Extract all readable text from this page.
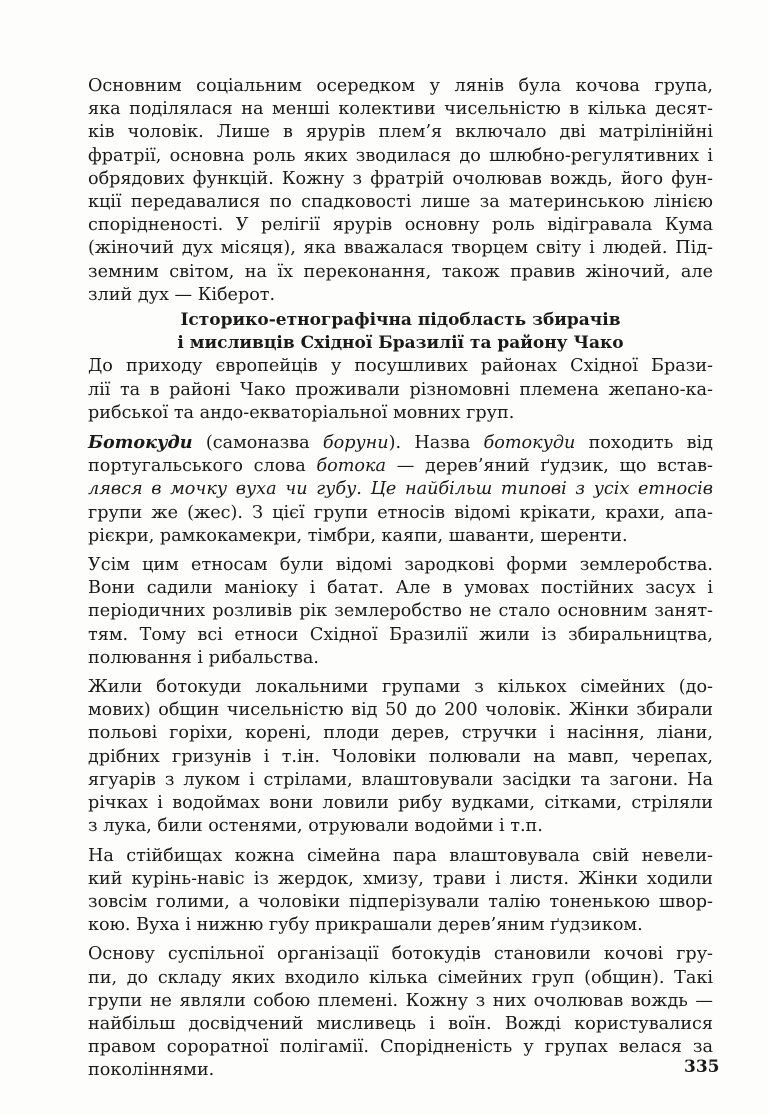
Основним соціальним осередком у лянів була кочова група,
яка поділялася на менші колективи чисельністю в кілька десят-
ків чоловік. Лише в ярурів плем’я включало дві матрілінійні
фратрії, основна роль яких зводилася до шлюбно-регулятивних і
обрядових функцій. Кожну з фратрій очолював вождь, його фун-
кції передавалися по спадковості лише за материнською лінією
спорідненості. У релігії ярурів основну роль відігравала Кума
(жіночий дух місяця), яка вважалася творцем світу і людей. Під-
земним світом, на їх переконання, також правив жіночий, але
злий дух — Кіберот.
Історико-етнографічна підобласть збирачів
і мисливців Східної Бразилії та району Чако
До приходу європейців у посушливих районах Східної Брази-
лії та в районі Чако проживали різномовні племена жепано-ка-
рибської та андо-екваторіальної мовних груп.
Ботокуди (самоназва боруни). Назва ботокуди походить від
португальського слова ботока — дерев’яний ґудзик, що встав-
лявся в мочку вуха чи губу. Це найбільш типові з усіх етносів
групи же (жес). З цієї групи етносів відомі крікати, крахи, апа-
рієкри, рамкокамекри, тімбри, каяпи, шаванти, шеренти.
Усім цим етносам були відомі зародкові форми землеробства.
Вони садили маніоку і батат. Але в умовах постійних засух і
періодичних розливів рік землеробство не стало основним занят-
тям. Тому всі етноси Східної Бразилії жили із збиральництва,
полювання і рибальства.
Жили ботокуди локальними групами з кількох сімейних (до-
мових) общин чисельністю від 50 до 200 чоловік. Жінки збирали
польові горіхи, корені, плоди дерев, стручки і насіння, ліани,
дрібних гризунів і т.ін. Чоловіки полювали на мавп, черепах,
ягуарів з луком і стрілами, влаштовували засідки та загони. На
річках і водоймах вони ловили рибу вудками, сітками, стріляли
з лука, били остенями, отруювали водойми і т.п.
На стійбищах кожна сімейна пара влаштовувала свій невели-
кий курінь-навіс із жердок, хмизу, трави і листя. Жінки ходили
зовсім голими, а чоловіки підперізували талію тоненькою швор-
кою. Вуха і нижню губу прикрашали дерев’яним ґудзиком.
Основу суспільної організації ботокудів становили кочові гру-
пи, до складу яких входило кілька сімейних груп (общин). Такі
групи не являли собою племені. Кожну з них очолював вождь —
найбільш досвідчений мисливець і воїн. Вожді користувалися
правом сороратної полігамії. Спорідненість у групах велася за
поколіннями.	335
